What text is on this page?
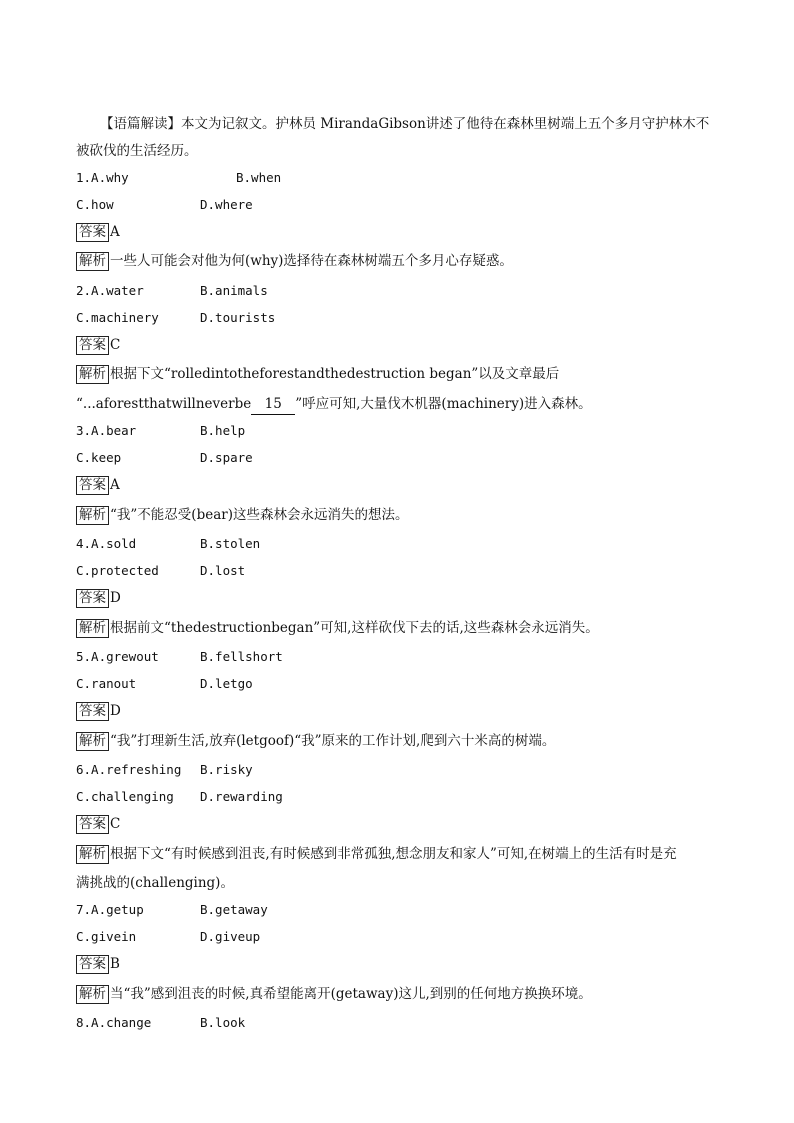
【语篇解读】本文为记叙文。护林员 MirandaGibson讲述了他待在森林里树端上五个多月守护林木不
被砍伐的生活经历。
1.A.why	B.when
C.how	D.where
答案 A
解析 一些人可能会对他为何(why)选择待在森林树端五个多月心存疑惑。
2.A.water	B.animals
C.machinery	D.tourists
答案 C
解析 根据下文“rolledintotheforestandthedestruction began”以及文章最后
“...aforestthatwillneverbe 15 ”呼应可知,大量伐木机器(machinery)进入森林。
3.A.bear	B.help
C.keep	D.spare
答案 A
解析 “我”不能忍受(bear)这些森林会永远消失的想法。
4.A.sold	B.stolen
C.protected	D.lost
答案 D
解析 根据前文“thedestructionbegan”可知,这样砍伐下去的话,这些森林会永远消失。
5.A.grewout	B.fellshort
C.ranout	D.letgo
答案 D
解析 “我”打理新生活,放弃(letgoof)“我”原来的工作计划,爬到六十米高的树端。
6.A.refreshing B.risky
C.challenging D.rewarding
答案 C
解析 根据下文“有时候感到沮丧,有时候感到非常孤独,想念朋友和家人”可知,在树端上的生活有时是充
满挑战的(challenging)。
7.A.getup	B.getaway
C.givein	D.giveup
答案 B
解析 当“我”感到沮丧的时候,真希望能离开(getaway)这儿,到别的任何地方换换环境。
8.A.change	B.look
